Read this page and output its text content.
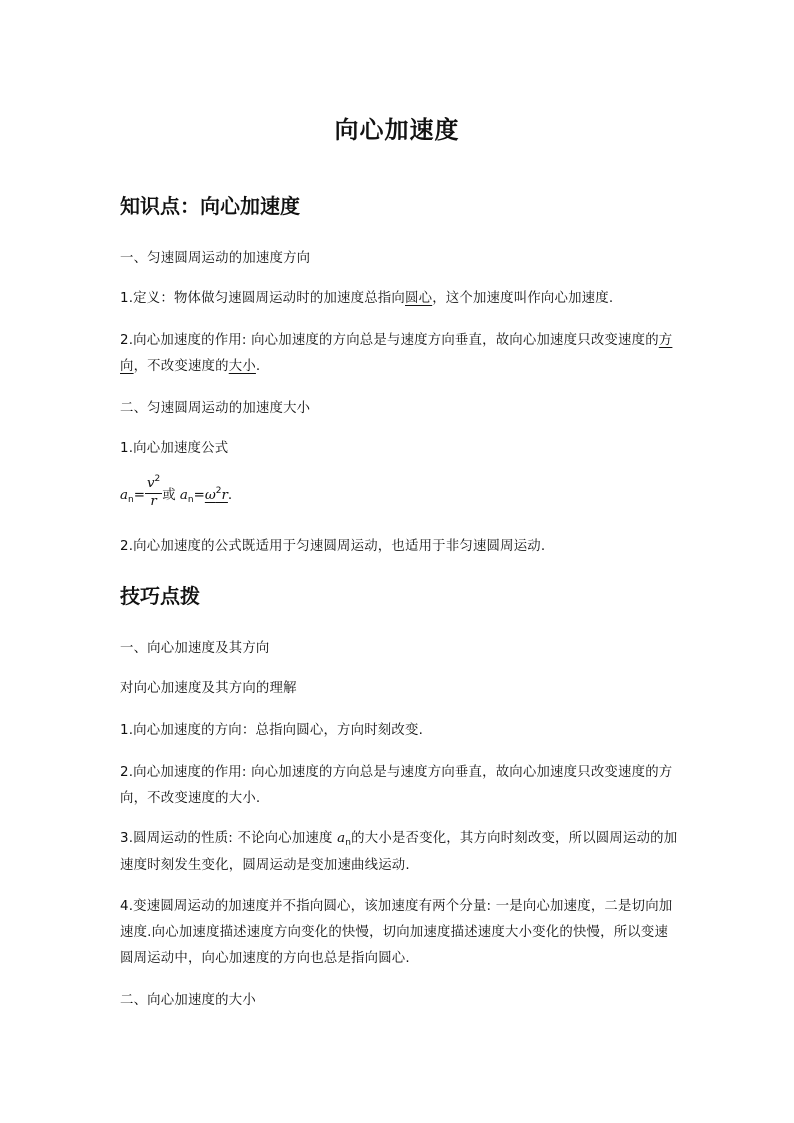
向心加速度
知识点：向心加速度
一、匀速圆周运动的加速度方向
1.定义：物体做匀速圆周运动时的加速度总指向圆心，这个加速度叫作向心加速度.
2.向心加速度的作用: 向心加速度的方向总是与速度方向垂直，故向心加速度只改变速度的方向，不改变速度的大小.
二、匀速圆周运动的加速度大小
1.向心加速度公式
$a_n= \frac{v^2}{r}$ 或 $a_n=\omega^2r$.
2.向心加速度的公式既适用于匀速圆周运动，也适用于非匀速圆周运动.
技巧点拨
一、向心加速度及其方向
对向心加速度及其方向的理解
1.向心加速度的方向：总指向圆心，方向时刻改变.
2.向心加速度的作用: 向心加速度的方向总是与速度方向垂直，故向心加速度只改变速度的方向，不改变速度的大小.
3.圆周运动的性质: 不论向心加速度 $a_n$的大小是否变化，其方向时刻改变，所以圆周运动的加速度时刻发生变化，圆周运动是变加速曲线运动.
4.变速圆周运动的加速度并不指向圆心，该加速度有两个分量: 一是向心加速度，二是切向加速度.向心加速度描述速度方向变化的快慢，切向加速度描述速度大小变化的快慢，所以变速圆周运动中，向心加速度的方向也总是指向圆心.
二、向心加速度的大小
